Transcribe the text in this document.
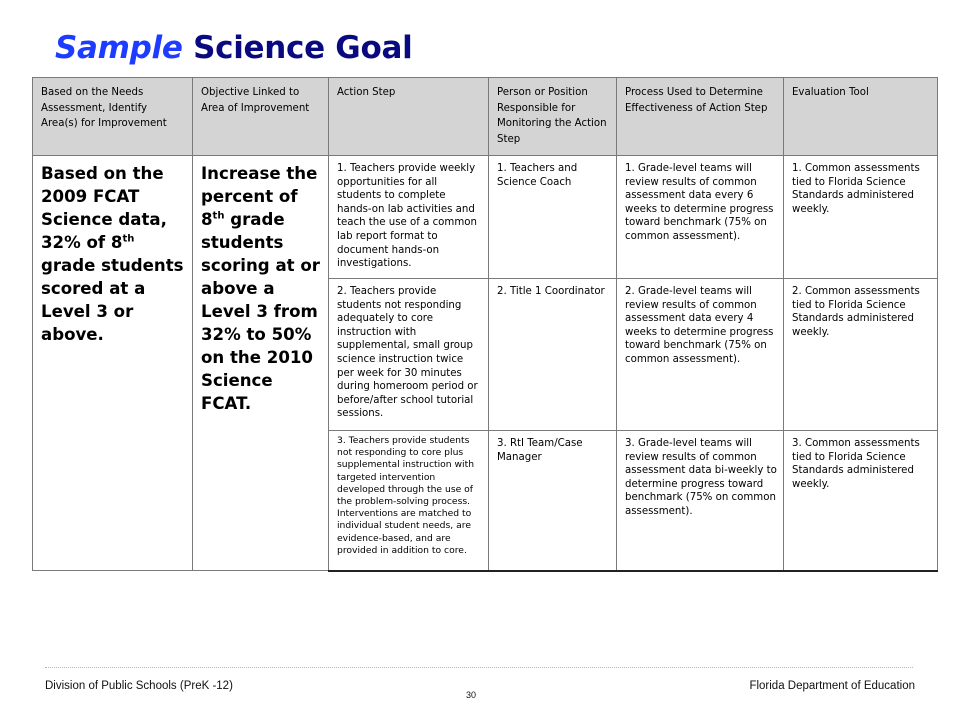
Sample Science Goal
Based on the Needs Assessment, Identify Area(s) for Improvement	Objective Linked to Area of Improvement	Action Step	Person or Position Responsible for Monitoring the Action Step	Process Used to Determine Effectiveness of Action Step	Evaluation Tool
Based on the 2009 FCAT Science data, 32% of 8th grade students scored at a Level 3 or above.	Increase the percent of 8th grade students scoring at or above a Level 3 from 32% to 50% on the 2010 Science FCAT.	1. Teachers provide weekly opportunities for all students to complete hands-on lab activities and teach the use of a common lab report format to document hands-on investigations.	1. Teachers and Science Coach	1. Grade-level teams will review results of common assessment data every 6 weeks to determine progress toward benchmark (75% on common assessment).	1. Common assessments tied to Florida Science Standards administered weekly.
		2. Teachers provide students not responding adequately to core instruction with supplemental, small group science instruction twice per week for 30 minutes during homeroom period or before/after school tutorial sessions.	2. Title 1 Coordinator	2. Grade-level teams will review results of common assessment data every 4 weeks to determine progress toward benchmark (75% on common assessment).	2. Common assessments tied to Florida Science Standards administered weekly.
		3. Teachers provide students not responding to core plus supplemental instruction with targeted intervention developed through the use of the problem-solving process. Interventions are matched to individual student needs, are evidence-based, and are provided in addition to core.	3. RtI Team/Case Manager	3. Grade-level teams will review results of common assessment data bi-weekly to determine progress toward benchmark (75% on common assessment).	3. Common assessments tied to Florida Science Standards administered weekly.
Division of Public Schools (PreK -12)
30
Florida Department of Education
